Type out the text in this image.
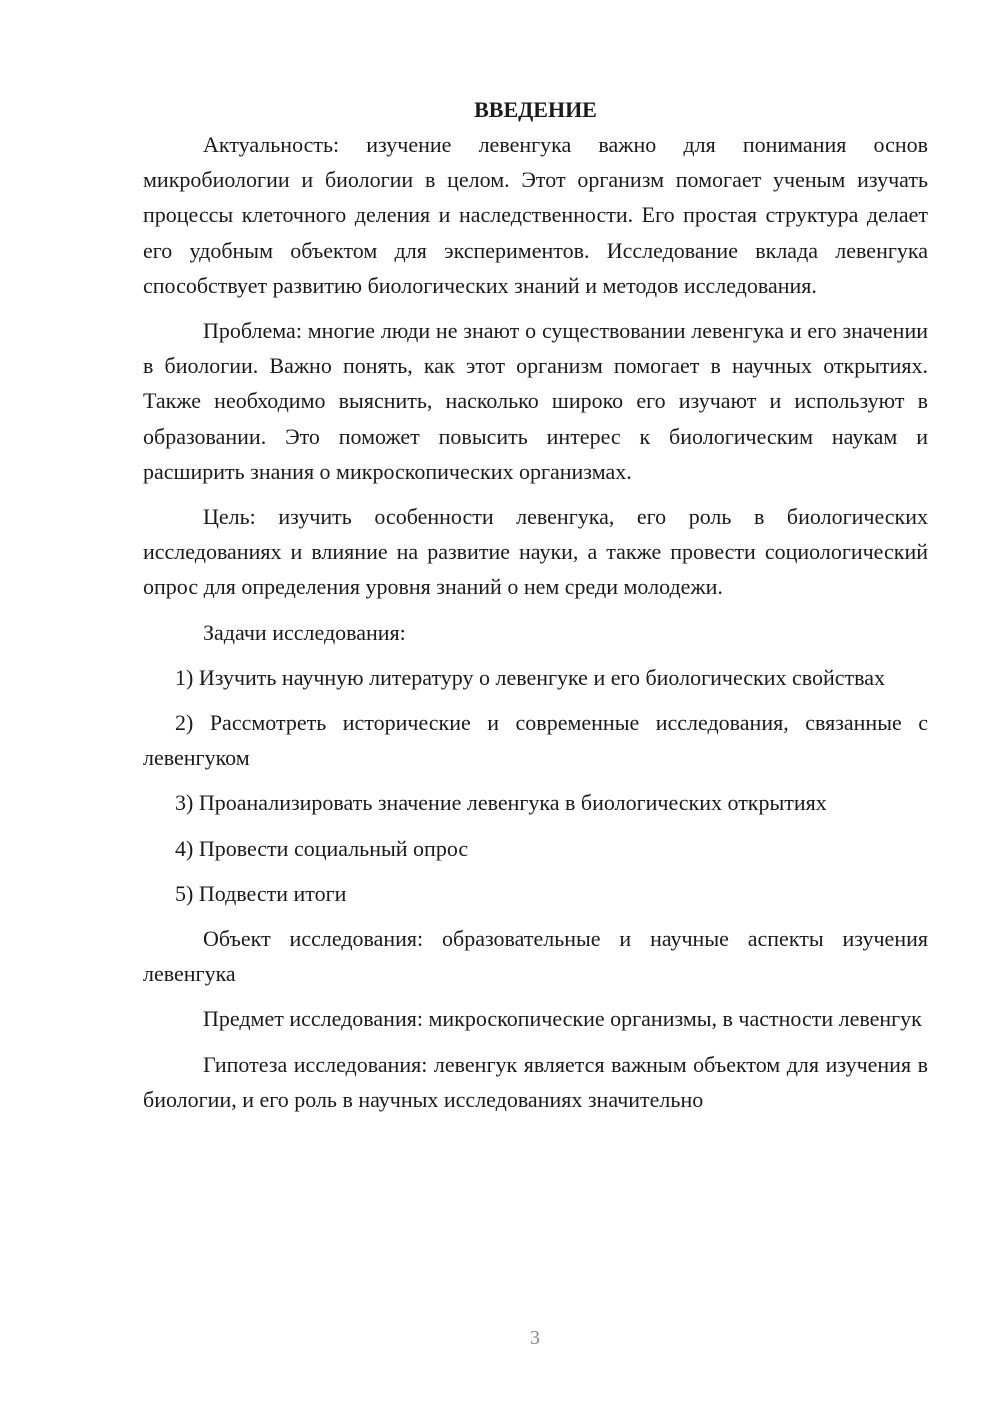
ВВЕДЕНИЕ

Актуальность: изучение левенгука важно для понимания основ микробиологии и биологии в целом. Этот организм помогает ученым изучать процессы клеточного деления и наследственности. Его простая структура делает его удобным объектом для экспериментов. Исследование вклада левенгука способствует развитию биологических знаний и методов исследования.

Проблема: многие люди не знают о существовании левенгука и его значении в биологии. Важно понять, как этот организм помогает в научных открытиях. Также необходимо выяснить, насколько широко его изучают и используют в образовании. Это поможет повысить интерес к биологическим наукам и расширить знания о микроскопических организмах.

Цель: изучить особенности левенгука, его роль в биологических исследованиях и влияние на развитие науки, а также провести социологический опрос для определения уровня знаний о нем среди молодежи.

Задачи исследования:

1) Изучить научную литературу о левенгуке и его биологических свойствах

2) Рассмотреть исторические и современные исследования, связанные с левенгуком

3) Проанализировать значение левенгука в биологических открытиях

4) Провести социальный опрос

5) Подвести итоги

Объект исследования: образовательные и научные аспекты изучения левенгука

Предмет исследования: микроскопические организмы, в частности левенгук

Гипотеза исследования: левенгук является важным объектом для изучения в биологии, и его роль в научных исследованиях значительно

3
